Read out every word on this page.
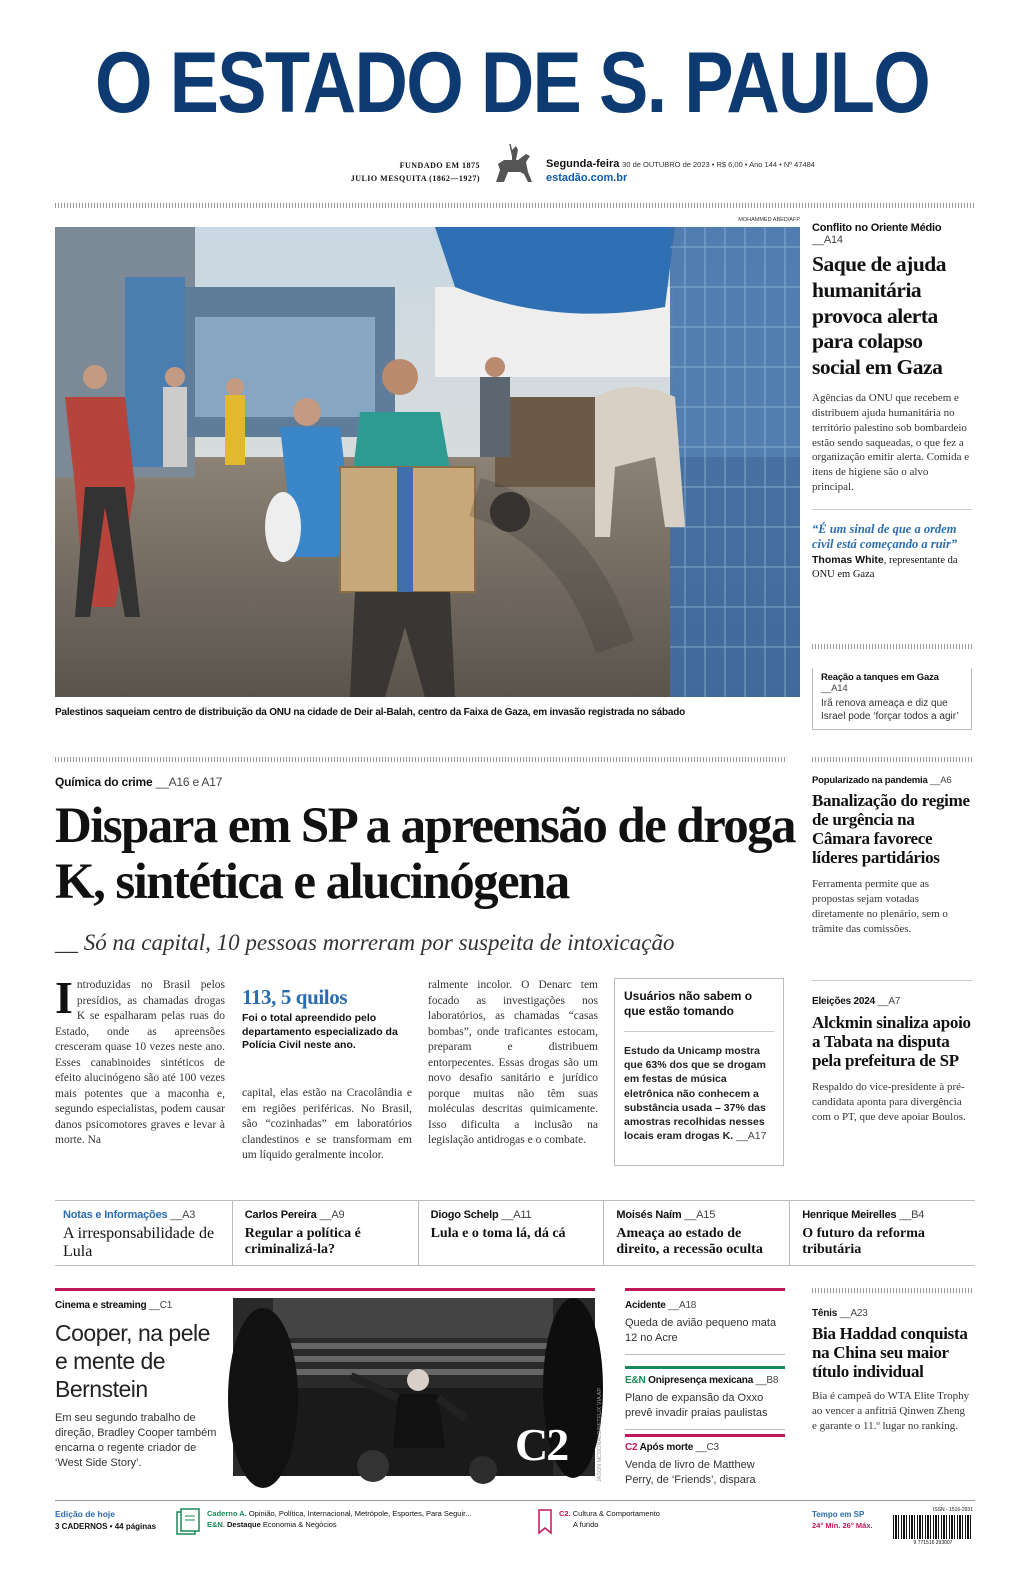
O ESTADO DE S. PAULO
FUNDADO EM 1875
JULIO MESQUITA (1862—1927)
Segunda-feira 30 de OUTUBRO de 2023 • R$ 6,00 • Ano 144 • Nº 47484
estadão.com.br
MOHAMMED ABED/AFP
Palestinos saqueiam centro de distribuição da ONU na cidade de Deir al-Balah, centro da Faixa de Gaza, em invasão registrada no sábado
Conflito no Oriente Médio __A14
Saque de ajuda humanitária provoca alerta para colapso social em Gaza
Agências da ONU que recebem e distribuem ajuda humanitária no território palestino sob bombardeio estão sendo saqueadas, o que fez a organização emitir alerta. Comida e itens de higiene são o alvo principal.
“É um sinal de que a ordem civil está começando a ruir”
Thomas White, representante da ONU em Gaza
Reação a tanques em Gaza __A14
Irã renova ameaça e diz que Israel pode ‘forçar todos a agir’
Química do crime __A16 e A17
Dispara em SP a apreensão de droga K, sintética e alucinógena
__ Só na capital, 10 pessoas morreram por suspeita de intoxicação
Introduzidas no Brasil pelos presídios, as chamadas drogas K se espalharam pelas ruas do Estado, onde as apreensões cresceram quase 10 vezes neste ano. Esses canabinoides sintéticos de efeito alucinógeno são até 100 vezes mais potentes que a maconha e, segundo especialistas, podem causar danos psicomotores graves e levar à morte. Na
113, 5 quilos
Foi o total apreendido pelo departamento especializado da Polícia Civil neste ano.
capital, elas estão na Cracolândia e em regiões periféricas. No Brasil, são “cozinhadas” em laboratórios clandestinos e se transformam em um líquido geralmente incolor.
ralmente incolor. O Denarc tem focado as investigações nos laboratórios, as chamadas “casas bombas”, onde traficantes estocam, preparam e distribuem entorpecentes. Essas drogas são um novo desafio sanitário e jurídico porque muitas não têm suas moléculas descritas quimicamente. Isso dificulta a inclusão na legislação antidrogas e o combate.
Usuários não sabem o que estão tomando
Estudo da Unicamp mostra que 63% dos que se drogam em festas de música eletrônica não conhecem a substância usada – 37% das amostras recolhidas nesses locais eram drogas K. __A17
Popularizado na pandemia __A6
Banalização do regime de urgência na Câmara favorece líderes partidários
Ferramenta permite que as propostas sejam votadas diretamente no plenário, sem o trâmite das comissões.
Eleições 2024 __A7
Alckmin sinaliza apoio a Tabata na disputa pela prefeitura de SP
Respaldo do vice-presidente à pré-candidata aponta para divergência com o PT, que deve apoiar Boulos.
Notas e Informações __A3
A irresponsabilidade de Lula
Carlos Pereira __A9
Regular a política é criminalizá-la?
Diogo Schelp __A11
Lula e o toma lá, dá cá
Moisés Naím __A15
Ameaça ao estado de direito, a recessão oculta
Henrique Meirelles __B4
O futuro da reforma tributária
Cinema e streaming __C1
Cooper, na pele e mente de Bernstein
Em seu segundo trabalho de direção, Bradley Cooper também encarna o regente criador de ‘West Side Story’.	C2	JASON MCDONALD/NETFLIX VIA AP
Acidente __A18
Queda de avião pequeno mata 12 no Acre
E&N Onipresença mexicana __B8
Plano de expansão da Oxxo prevê invadir praias paulistas
C2 Após morte __C3
Venda de livro de Matthew Perry, de ‘Friends’, dispara
Tênis __A23
Bia Haddad conquista na China seu maior título individual
Bia é campeã do WTA Elite Trophy ao vencer a anfitriã Qinwen Zheng e garante o 11.º lugar no ranking.
Edição de hoje
3 CADERNOS • 44 páginas
Caderno A. Opinião, Política, Internacional, Metrópole, Esportes, Para Seguir...
E&N. Destaque Economia & Negócios
C2. Cultura & Comportamento
A fundo
Tempo em SP
24° Mín. 26° Máx.
ISSN - 1516-2931
9 771516 293007
